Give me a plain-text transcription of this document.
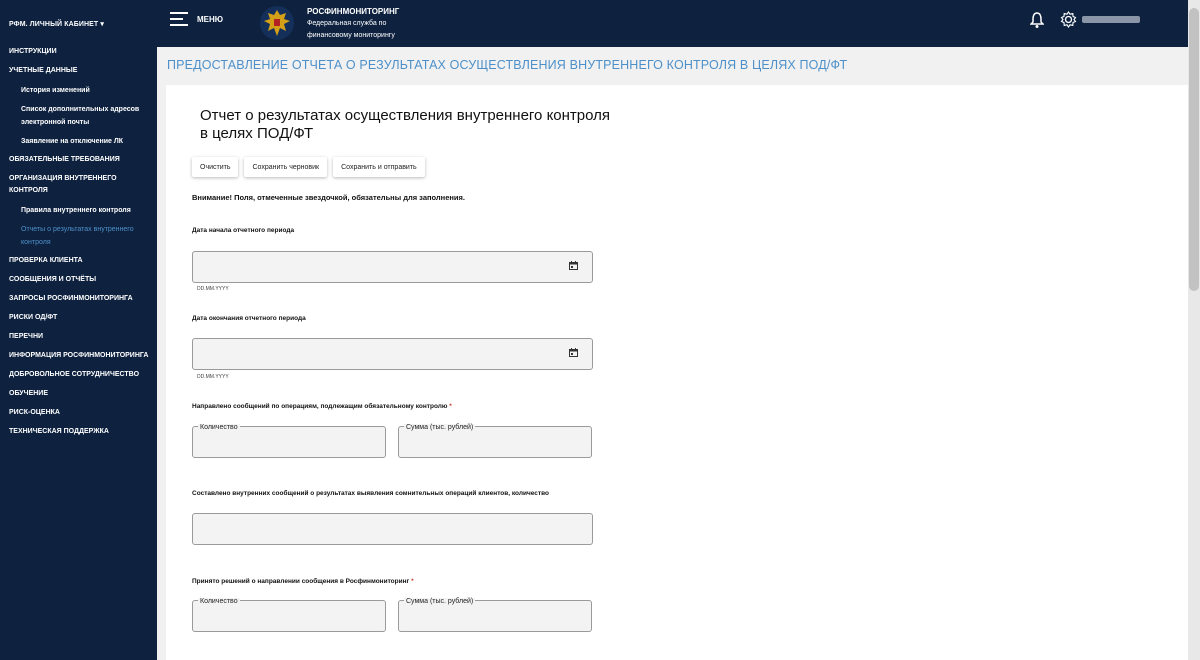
РФМ. ЛИЧНЫЙ КАБИНЕТ ▾
ИНСТРУКЦИИ
УЧЕТНЫЕ ДАННЫЕ
История изменений
Список дополнительных адресов электронной почты
Заявление на отключение ЛК
ОБЯЗАТЕЛЬНЫЕ ТРЕБОВАНИЯ
ОРГАНИЗАЦИЯ ВНУТРЕННЕГО КОНТРОЛЯ
Правила внутреннего контроля
Отчеты о результатах внутреннего контроля
ПРОВЕРКА КЛИЕНТА
СООБЩЕНИЯ И ОТЧЁТЫ
ЗАПРОСЫ РОСФИНМОНИТОРИНГА
РИСКИ ОД/ФТ
ПЕРЕЧНИ
ИНФОРМАЦИЯ РОСФИНМОНИТОРИНГА
ДОБРОВОЛЬНОЕ СОТРУДНИЧЕСТВО
ОБУЧЕНИЕ
РИСК-ОЦЕНКА
ТЕХНИЧЕСКАЯ ПОДДЕРЖКА
МЕНЮ
РОСФИНМОНИТОРИНГ
Федеральная служба по
финансовому мониторингу
ПРЕДОСТАВЛЕНИЕ ОТЧЕТА О РЕЗУЛЬТАТАХ ОСУЩЕСТВЛЕНИЯ ВНУТРЕННЕГО КОНТРОЛЯ В ЦЕЛЯХ ПОД/ФТ
Отчет о результатах осуществления внутреннего контроля в целях ПОД/ФТ
Очистить	Сохранить черновик	Сохранить и отправить
Внимание! Поля, отмеченные звездочкой, обязательны для заполнения.
Дата начала отчетного периода
DD.MM.YYYY
Дата окончания отчетного периода
DD.MM.YYYY
Направлено сообщений по операциям, подлежащим обязательному контролю *
Количество	Сумма (тыс. рублей)
Составлено внутренних сообщений о результатах выявления сомнительных операций клиентов, количество
Принято решений о направлении сообщения в Росфинмониторинг *
Количество	Сумма (тыс. рублей)
